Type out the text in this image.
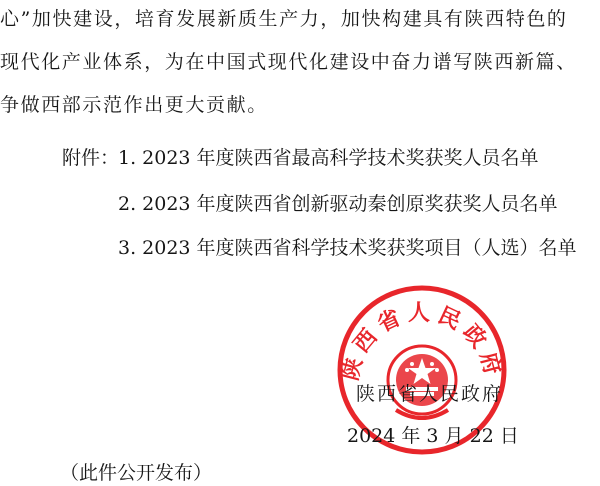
心”加快建设，培育发展新质生产力，加快构建具有陕西特色的
现代化产业体系，为在中国式现代化建设中奋力谱写陕西新篇、
争做西部示范作出更大贡献。
附件：
1. 2023 年度陕西省最高科学技术奖获奖人员名单
2. 2023 年度陕西省创新驱动秦创原奖获奖人员名单
3. 2023 年度陕西省科学技术奖获奖项目（人选）名单
陕西省人民政府
陕西省人民政府
2024 年 3 月 22 日
（此件公开发布）
